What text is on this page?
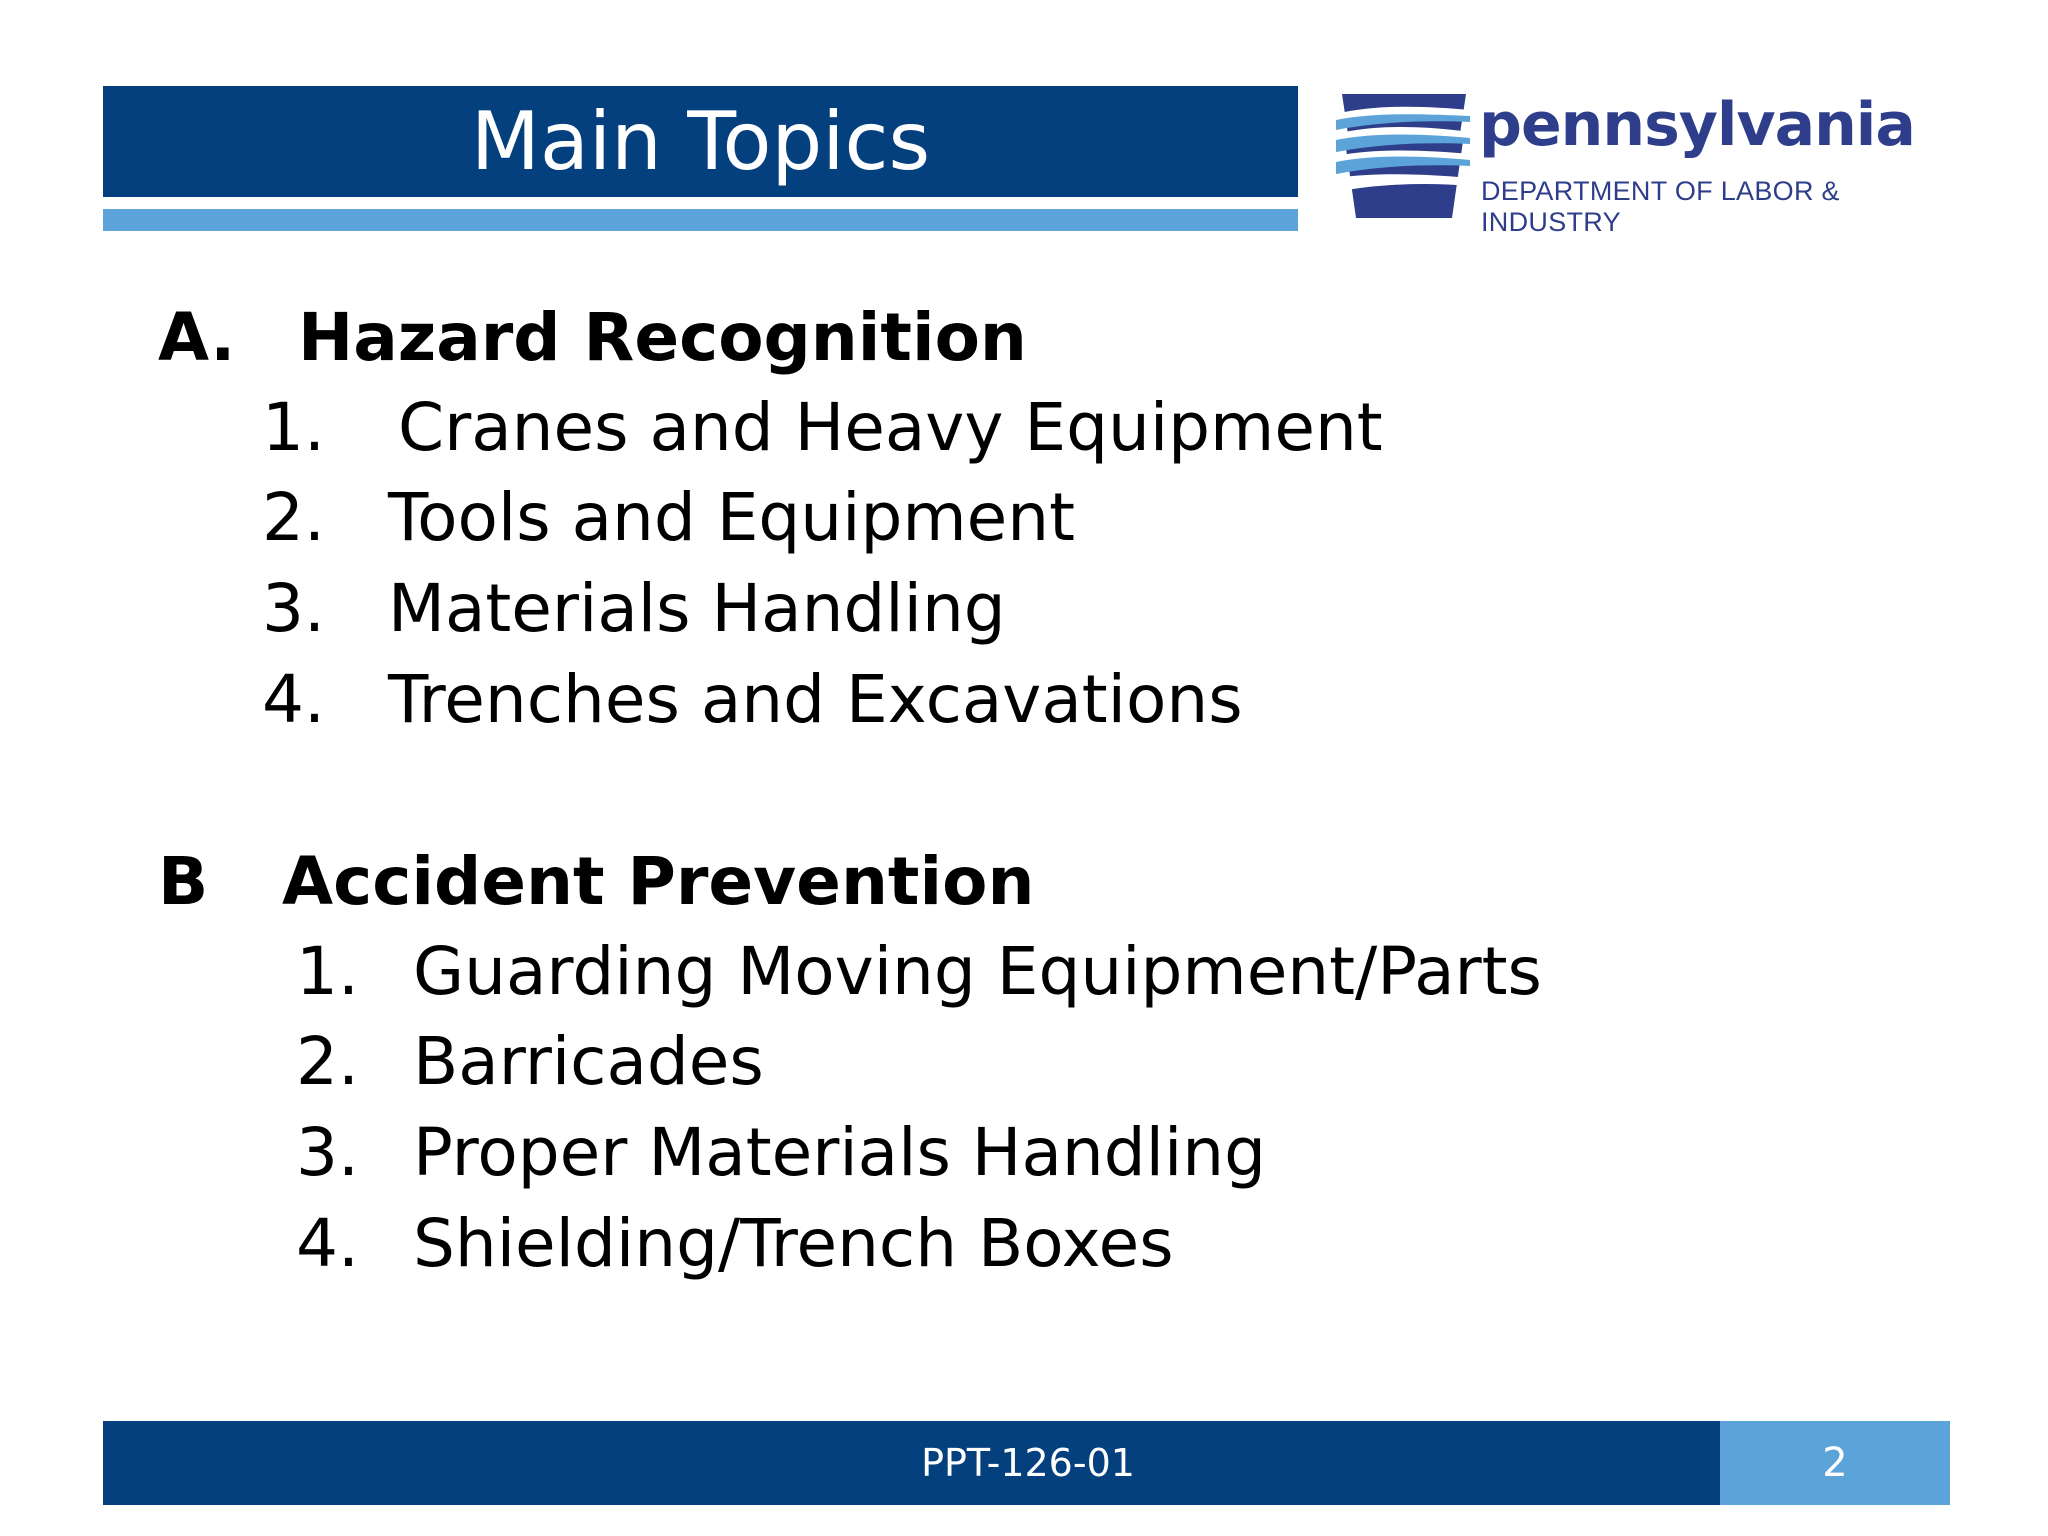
Main Topics	pennsylvania
DEPARTMENT OF LABOR & INDUSTRY
A. Hazard Recognition
1. Cranes and Heavy Equipment
2. Tools and Equipment
3. Materials Handling
4. Trenches and Excavations
B Accident Prevention
1. Guarding Moving Equipment/Parts
2. Barricades
3. Proper Materials Handling
4. Shielding/Trench Boxes
PPT-126-01	2
